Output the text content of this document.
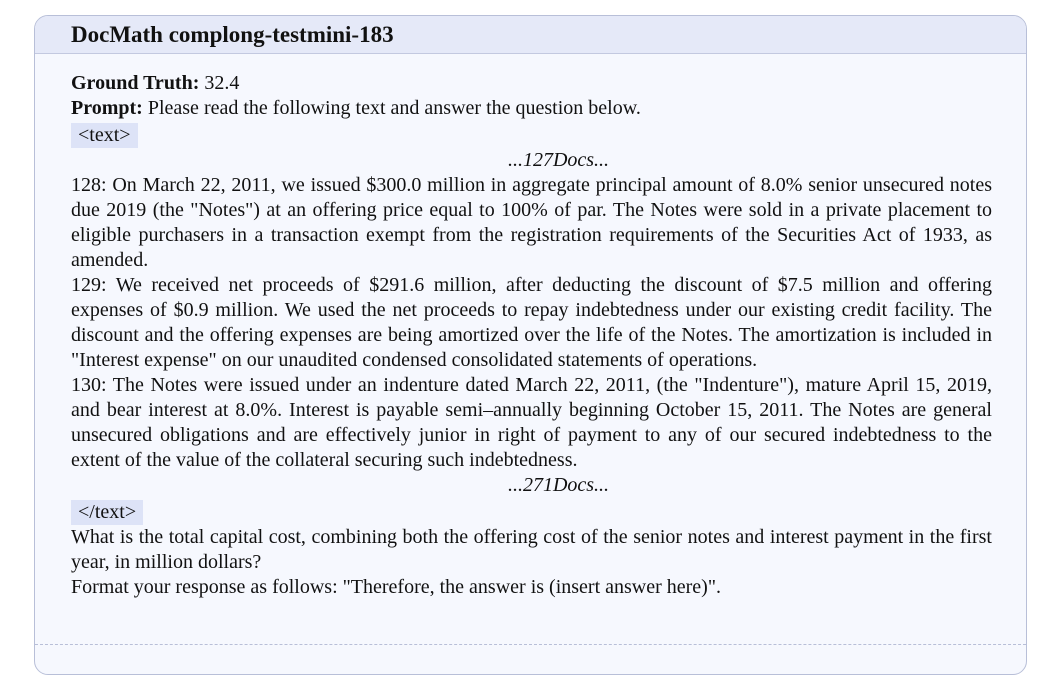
DocMath complong-testmini-183
Ground Truth: 32.4
Prompt: Please read the following text and answer the question below.
<text>
...127Docs...
128: On March 22, 2011, we issued $300.0 million in aggregate principal amount of 8.0% senior unsecured notes due 2019 (the "Notes") at an offering price equal to 100% of par. The Notes were sold in a private placement to eligible purchasers in a transaction exempt from the registration requirements of the Securities Act of 1933, as amended.
129: We received net proceeds of $291.6 million, after deducting the discount of $7.5 million and offering expenses of $0.9 million. We used the net proceeds to repay indebtedness under our existing credit facility. The discount and the offering expenses are being amortized over the life of the Notes. The amortization is included in "Interest expense" on our unaudited condensed consolidated statements of operations.
130: The Notes were issued under an indenture dated March 22, 2011, (the "Indenture"), mature April 15, 2019, and bear interest at 8.0%. Interest is payable semi–annually beginning October 15, 2011. The Notes are general unsecured obligations and are effectively junior in right of payment to any of our secured indebtedness to the extent of the value of the collateral securing such indebtedness.
...271Docs...
</text>
What is the total capital cost, combining both the offering cost of the senior notes and interest payment in the first year, in million dollars?
Format your response as follows: "Therefore, the answer is (insert answer here)".
